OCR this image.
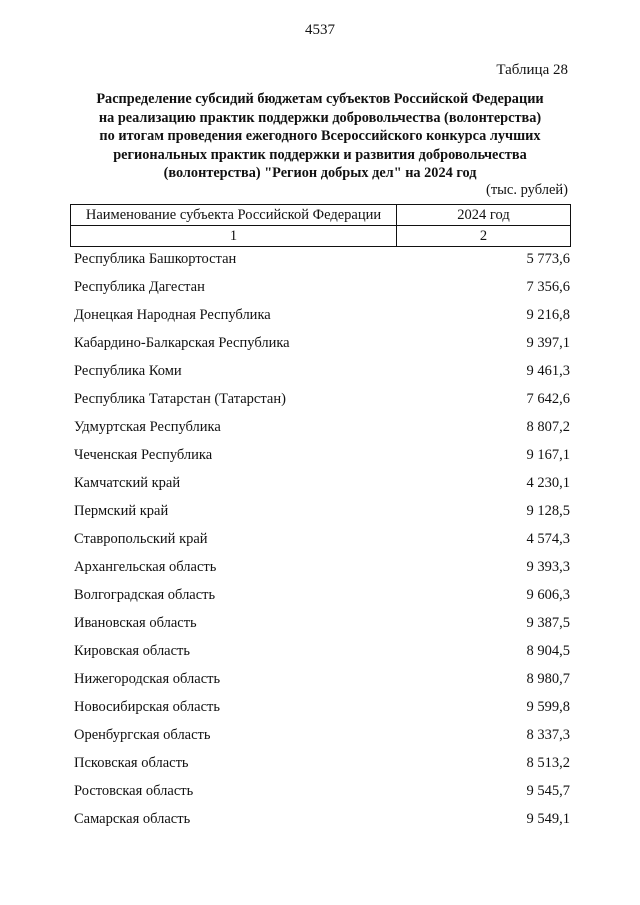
4537
Таблица 28
Распределение субсидий бюджетам субъектов Российской Федерации
на реализацию практик поддержки добровольчества (волонтерства)
по итогам проведения ежегодного Всероссийского конкурса лучших
региональных практик поддержки и развития добровольчества
(волонтерства) "Регион добрых дел" на 2024 год
(тыс. рублей)
Наименование субъекта Российской Федерации	2024 год
1	2
Республика Башкортостан	5 773,6
Республика Дагестан	7 356,6
Донецкая Народная Республика	9 216,8
Кабардино-Балкарская Республика	9 397,1
Республика Коми	9 461,3
Республика Татарстан (Татарстан)	7 642,6
Удмуртская Республика	8 807,2
Чеченская Республика	9 167,1
Камчатский край	4 230,1
Пермский край	9 128,5
Ставропольский край	4 574,3
Архангельская область	9 393,3
Волгоградская область	9 606,3
Ивановская область	9 387,5
Кировская область	8 904,5
Нижегородская область	8 980,7
Новосибирская область	9 599,8
Оренбургская область	8 337,3
Псковская область	8 513,2
Ростовская область	9 545,7
Самарская область	9 549,1
